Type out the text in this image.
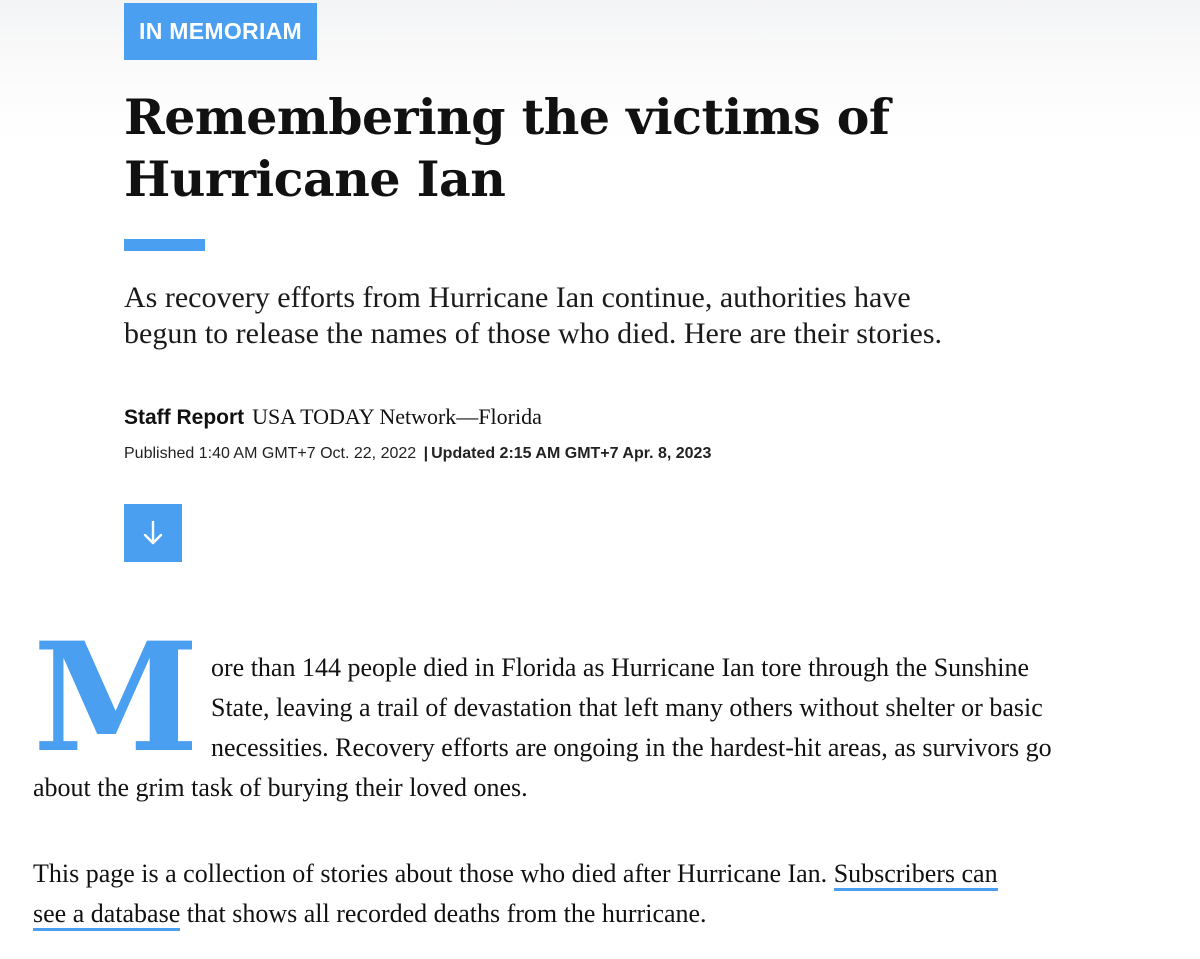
IN MEMORIAM
Remembering the victims of
Hurricane Ian

As recovery efforts from Hurricane Ian continue, authorities have
begun to release the names of those who died. Here are their stories.

Staff Report USA TODAY Network—Florida
Published 1:40 AM GMT+7 Oct. 22, 2022 | Updated 2:15 AM GMT+7 Apr. 8, 2023
M ore than 144 people died in Florida as Hurricane Ian tore through the Sunshine
State, leaving a trail of devastation that left many others without shelter or basic
necessities. Recovery efforts are ongoing in the hardest-hit areas, as survivors go
about the grim task of burying their loved ones.

This page is a collection of stories about those who died after Hurricane Ian. Subscribers can
see a database that shows all recorded deaths from the hurricane.
